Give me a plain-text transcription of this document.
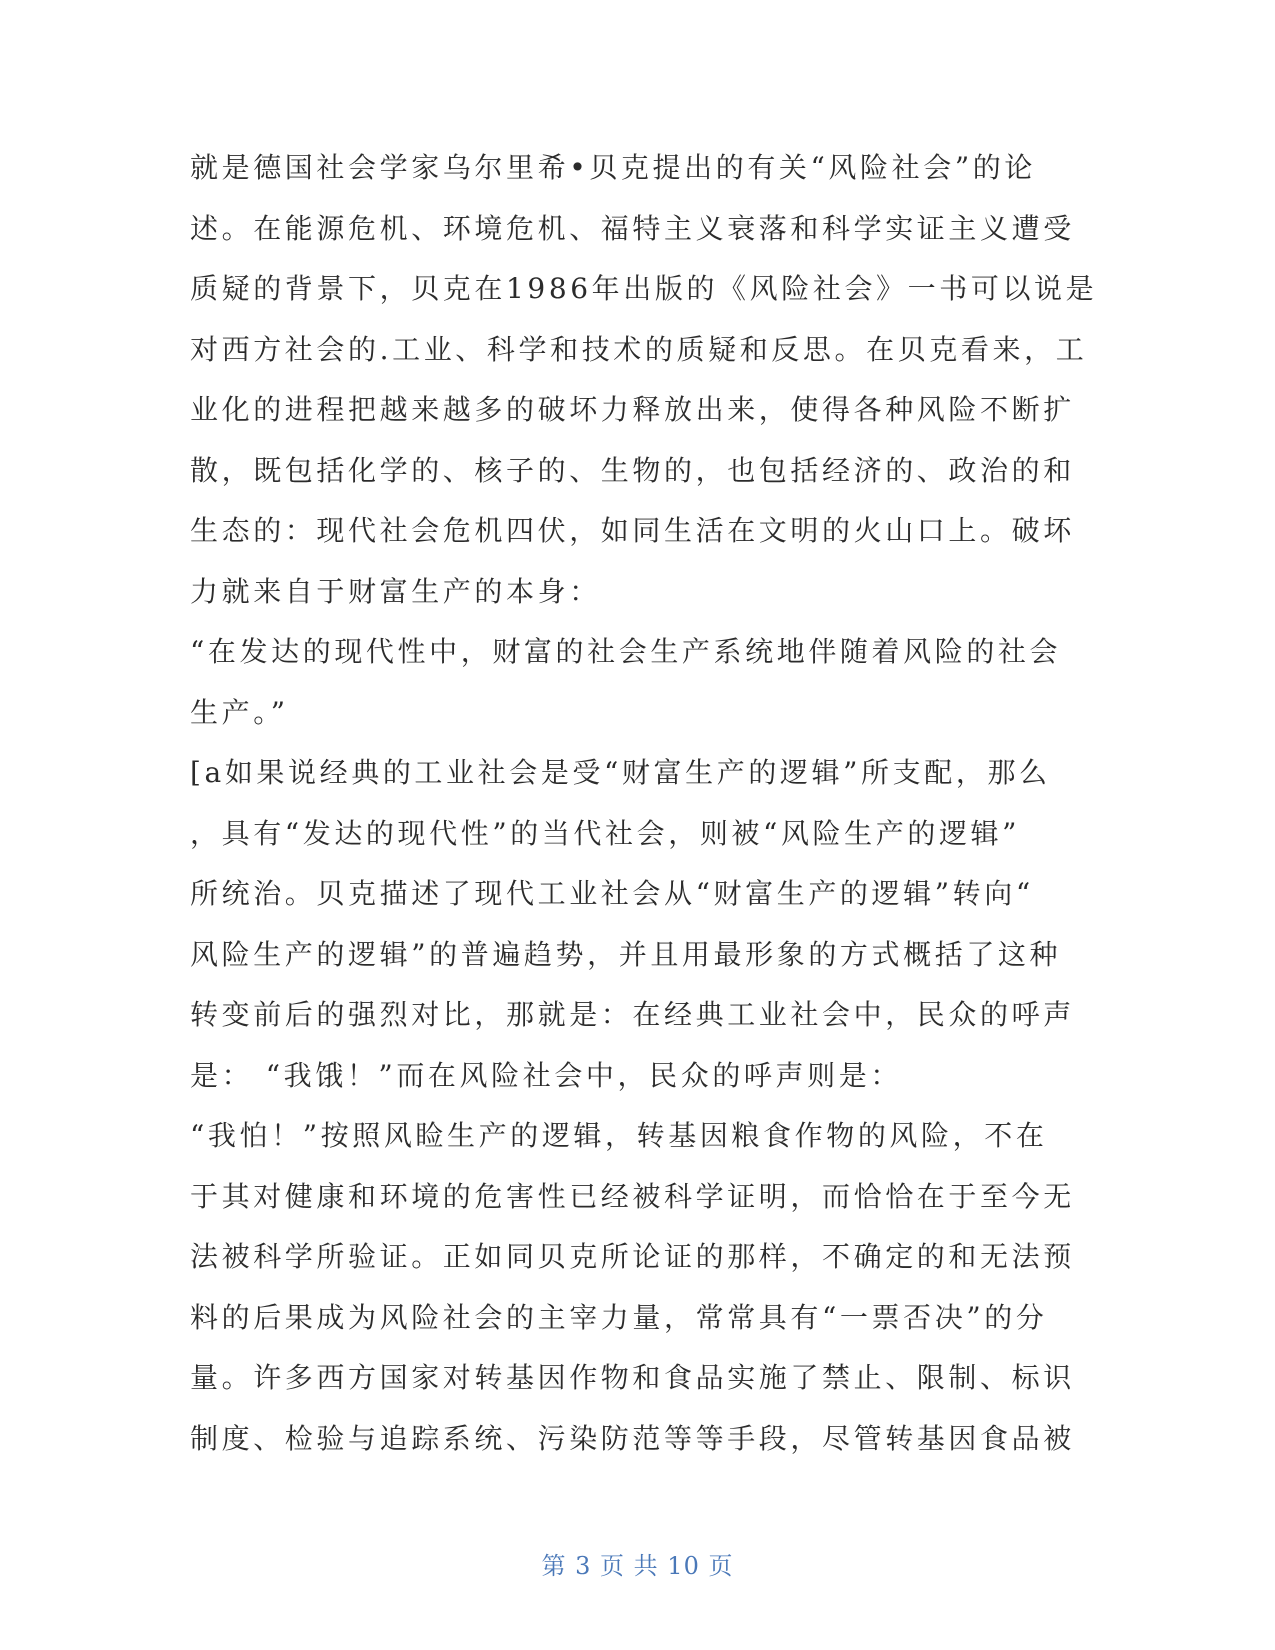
就是德国社会学家乌尔里希•贝克提出的有关“风险社会”的论
述。在能源危机、环境危机、福特主义衰落和科学实证主义遭受
质疑的背景下，贝克在1986年出版的《风险社会》一书可以说是
对西方社会的.工业、科学和技术的质疑和反思。在贝克看来，工
业化的进程把越来越多的破坏力释放出来，使得各种风险不断扩
散，既包括化学的、核子的、生物的，也包括经济的、政治的和
生态的：现代社会危机四伏，如同生活在文明的火山口上。破坏
力就来自于财富生产的本身：
“在发达的现代性中，财富的社会生产系统地伴随着风险的社会
生产。”
[a如果说经典的工业社会是受“财富生产的逻辑”所支配，那么
，具有“发达的现代性”的当代社会，则被“风险生产的逻辑”
所统治。贝克描述了现代工业社会从“财富生产的逻辑”转向“
风险生产的逻辑”的普遍趋势，并且用最形象的方式概括了这种
转变前后的强烈对比，那就是：在经典工业社会中，民众的呼声
是： “我饿！”而在风险社会中，民众的呼声则是：
“我怕！”按照风睑生产的逻辑，转基因粮食作物的风险，不在
于其对健康和环境的危害性已经被科学证明，而恰恰在于至今无
法被科学所验证。正如同贝克所论证的那样，不确定的和无法预
料的后果成为风险社会的主宰力量，常常具有“一票否决”的分
量。许多西方国家对转基因作物和食品实施了禁止、限制、标识
制度、检验与追踪系统、污染防范等等手段，尽管转基因食品被
第 3 页 共 10 页
